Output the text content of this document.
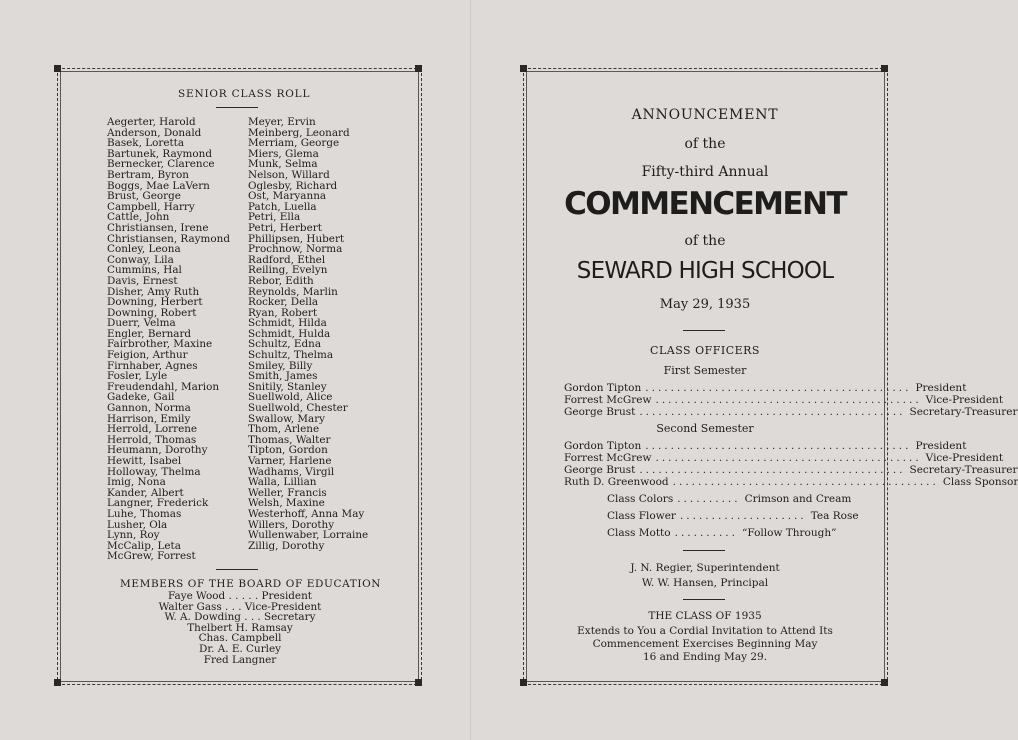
SENIOR CLASS ROLL
Aegerter, Harold
Anderson, Donald
Basek, Loretta
Bartunek, Raymond
Bernecker, Clarence
Bertram, Byron
Boggs, Mae LaVern
Brust, George
Campbell, Harry
Cattle, John
Christiansen, Irene
Christiansen, Raymond
Conley, Leona
Conway, Lila
Cummins, Hal
Davis, Ernest
Disher, Amy Ruth
Downing, Herbert
Downing, Robert
Duerr, Velma
Engler, Bernard
Fairbrother, Maxine
Feigion, Arthur
Firnhaber, Agnes
Fosler, Lyle
Freudendahl, Marion
Gadeke, Gail
Gannon, Norma
Harrison, Emily
Herrold, Lorrene
Herrold, Thomas
Heumann, Dorothy
Hewitt, Isabel
Holloway, Thelma
Imig, Nona
Kander, Albert
Langner, Frederick
Luhe, Thomas
Lusher, Ola
Lynn, Roy
McCalip, Leta
McGrew, Forrest
Meyer, Ervin
Meinberg, Leonard
Merriam, George
Miers, Glema
Munk, Selma
Nelson, Willard
Oglesby, Richard
Ost, Maryanna
Patch, Luella
Petri, Ella
Petri, Herbert
Phillipsen, Hubert
Prochnow, Norma
Radford, Ethel
Reiling, Evelyn
Rebor, Edith
Reynolds, Marlin
Rocker, Della
Ryan, Robert
Schmidt, Hilda
Schmidt, Hulda
Schultz, Edna
Schultz, Thelma
Smiley, Billy
Smith, James
Snitily, Stanley
Suellwold, Alice
Suellwold, Chester
Swallow, Mary
Thom, Arlene
Thomas, Walter
Tipton, Gordon
Varner, Harlene
Wadhams, Virgil
Walla, Lillian
Weller, Francis
Welsh, Maxine
Westerhoff, Anna May
Willers, Dorothy
Wullenwaber, Lorraine
Zillig, Dorothy
MEMBERS OF THE BOARD OF EDUCATION
Faye Wood . . . . . President
Walter Gass . . . Vice-President
W. A. Dowding . . . Secretary
Thelbert H. Ramsay
Chas. Campbell
Dr. A. E. Curley
Fred Langner
ANNOUNCEMENT
of the
Fifty-third Annual
COMMENCEMENT
of the
SEWARD HIGH SCHOOL
May 29, 1935
CLASS OFFICERS
First Semester
Gordon Tipton .......................................... President
Forrest McGrew .......................................... Vice-President
George Brust .......................................... Secretary-Treasurer
Second Semester
Gordon Tipton .......................................... President
Forrest McGrew .......................................... Vice-President
George Brust .......................................... Secretary-Treasurer
Ruth D. Greenwood .......................................... Class Sponsor
Class Colors .......... Crimson and Cream
Class Flower .................... Tea Rose
Class Motto .......... “Follow Through”
J. N. Regier, Superintendent
W. W. Hansen, Principal
THE CLASS OF 1935
Extends to You a Cordial Invitation to Attend Its
Commencement Exercises Beginning May
16 and Ending May 29.
